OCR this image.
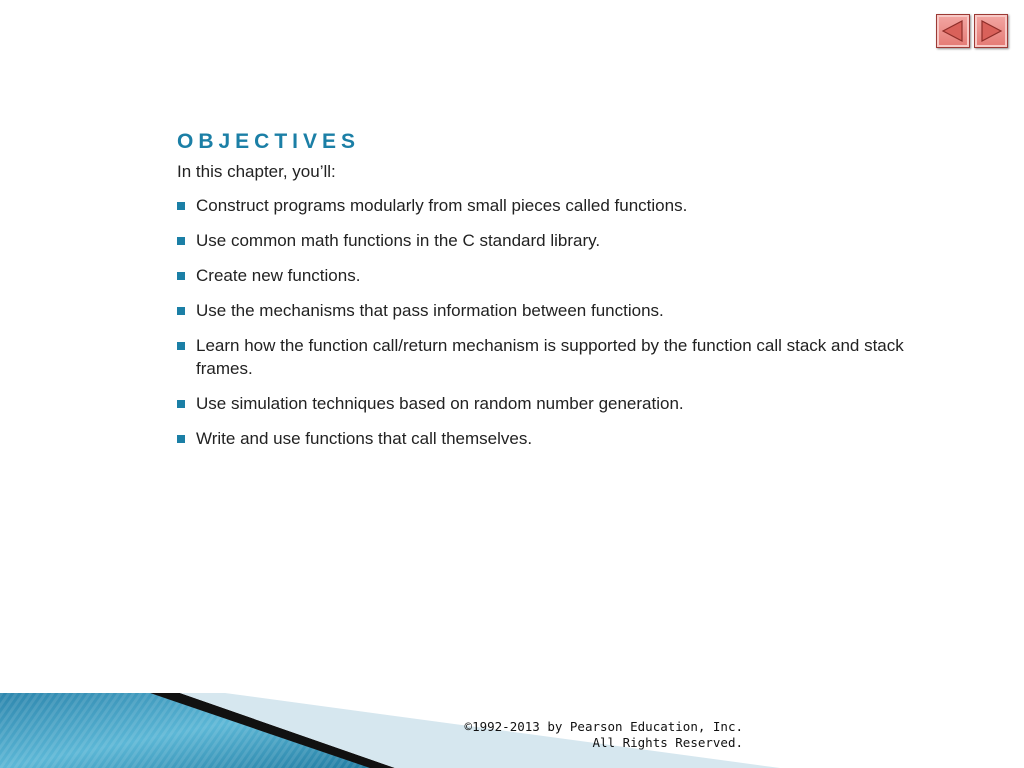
OBJECTIVES
In this chapter, you’ll:
Construct programs modularly from small pieces called functions.
Use common math functions in the C standard library.
Create new functions.
Use the mechanisms that pass information between functions.
Learn how the function call/return mechanism is supported by the function call stack and stack frames.
Use simulation techniques based on random number generation.
Write and use functions that call themselves.
©1992-2013 by Pearson Education, Inc.
All Rights Reserved.
